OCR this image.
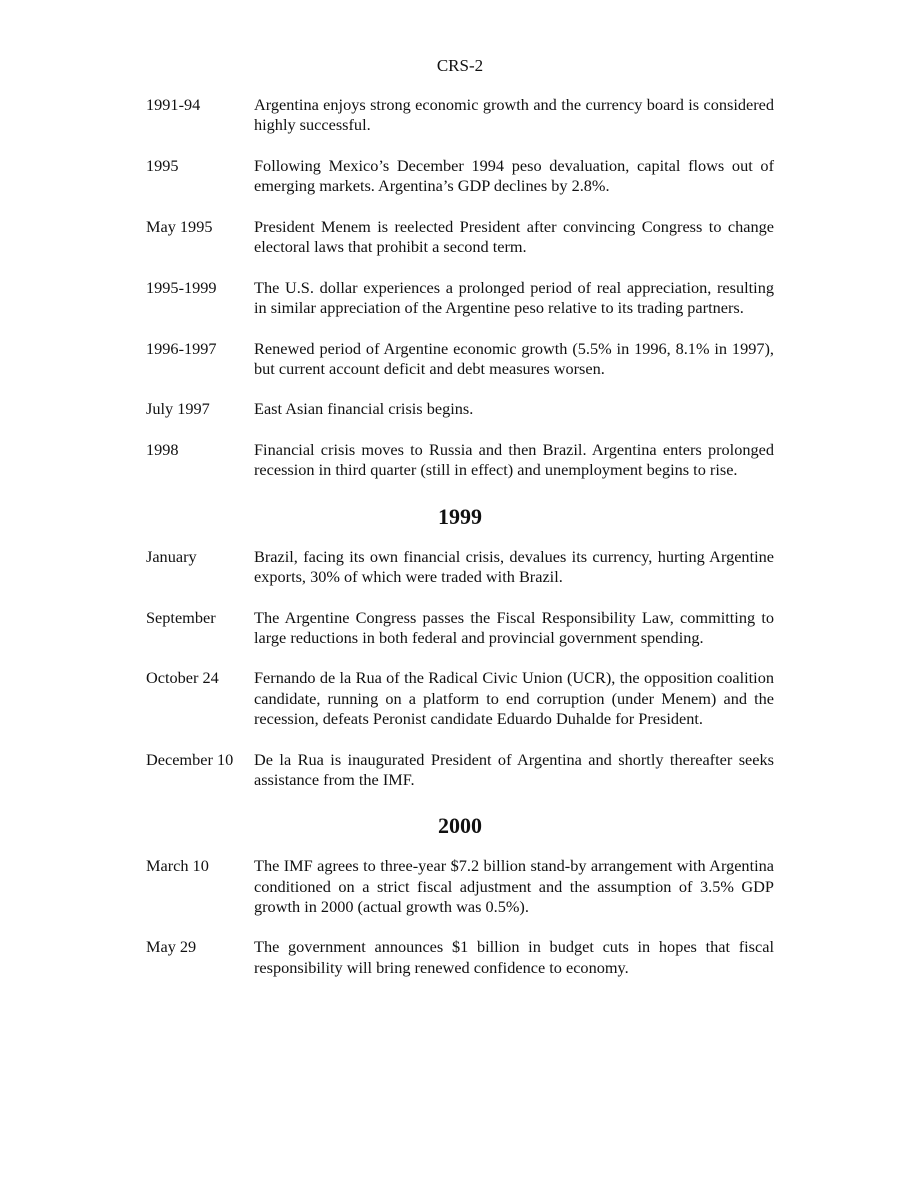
CRS-2
1991-94	Argentina enjoys strong economic growth and the currency board is considered highly successful.
1995	Following Mexico’s December 1994 peso devaluation, capital flows out of emerging markets. Argentina’s GDP declines by 2.8%.
May 1995	President Menem is reelected President after convincing Congress to change electoral laws that prohibit a second term.
1995-1999	The U.S. dollar experiences a prolonged period of real appreciation, resulting in similar appreciation of the Argentine peso relative to its trading partners.
1996-1997	Renewed period of Argentine economic growth (5.5% in 1996, 8.1% in 1997), but current account deficit and debt measures worsen.
July 1997	East Asian financial crisis begins.
1998	Financial crisis moves to Russia and then Brazil. Argentina enters prolonged recession in third quarter (still in effect) and unemployment begins to rise.
1999
January	Brazil, facing its own financial crisis, devalues its currency, hurting Argentine exports, 30% of which were traded with Brazil.
September	The Argentine Congress passes the Fiscal Responsibility Law, committing to large reductions in both federal and provincial government spending.
October 24	Fernando de la Rua of the Radical Civic Union (UCR), the opposition coalition candidate, running on a platform to end corruption (under Menem) and the recession, defeats Peronist candidate Eduardo Duhalde for President.
December 10	De la Rua is inaugurated President of Argentina and shortly thereafter seeks assistance from the IMF.
2000
March 10	The IMF agrees to three-year $7.2 billion stand-by arrangement with Argentina conditioned on a strict fiscal adjustment and the assumption of 3.5% GDP growth in 2000 (actual growth was 0.5%).
May 29	The government announces $1 billion in budget cuts in hopes that fiscal responsibility will bring renewed confidence to economy.
